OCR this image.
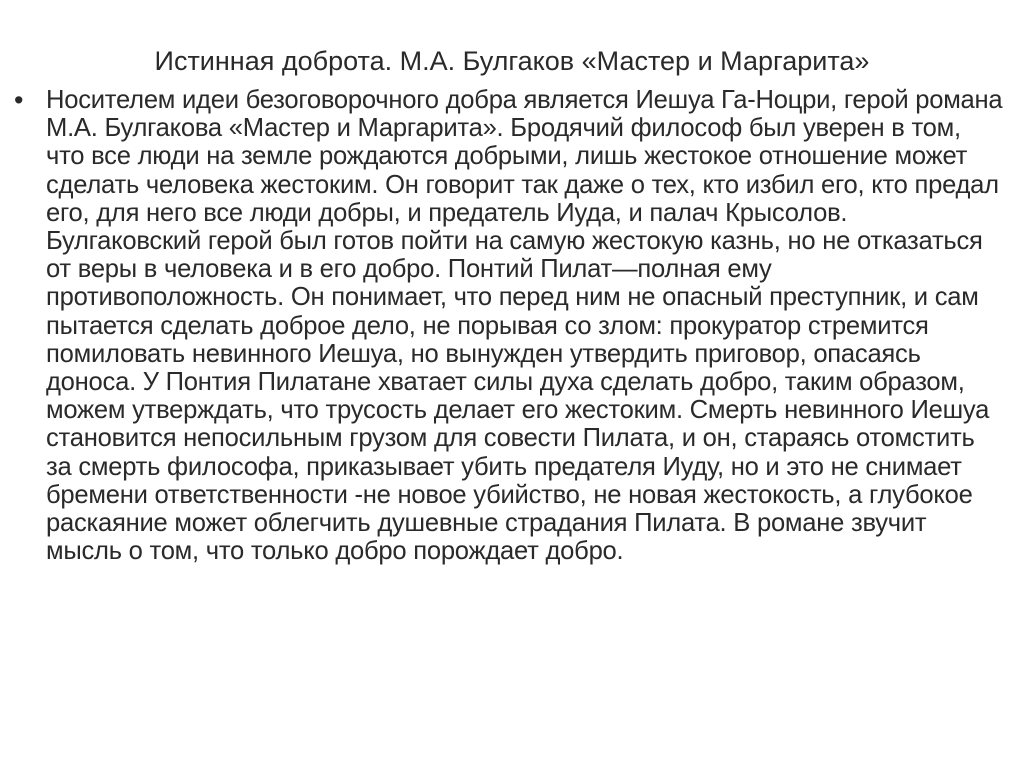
Истинная доброта. М.А. Булгаков «Мастер и Маргарита»
• Носителем идеи безоговорочного добра является Иешуа Га-Ноцри, герой романа М.А. Булгакова «Мастер и Маргарита». Бродячий философ был уверен в том, что все люди на земле рождаются добрыми, лишь жестокое отношение может сделать человека жестоким. Он говорит так даже о тех, кто избил его, кто предал его, для него все люди добры, и предатель Иуда, и палач Крысолов. Булгаковский герой был готов пойти на самую жестокую казнь, но не отказаться от веры в человека и в его добро. Понтий Пилат—полная ему противоположность. Он понимает, что перед ним не опасный преступник, и сам пытается сделать доброе дело, не порывая со злом: прокуратор стремится помиловать невинного Иешуа, но вынужден утвердить приговор, опасаясь доноса. У Понтия Пилатане хватает силы духа сделать добро, таким образом, можем утверждать, что трусость делает его жестоким. Смерть невинного Иешуа становится непосильным грузом для совести Пилата, и он, стараясь отомстить за смерть философа, приказывает убить предателя Иуду, но и это не снимает бремени ответственности -не новое убийство, не новая жестокость, а глубокое раскаяние может облегчить душевные страдания Пилата. В романе звучит мысль о том, что только добро порождает добро.
